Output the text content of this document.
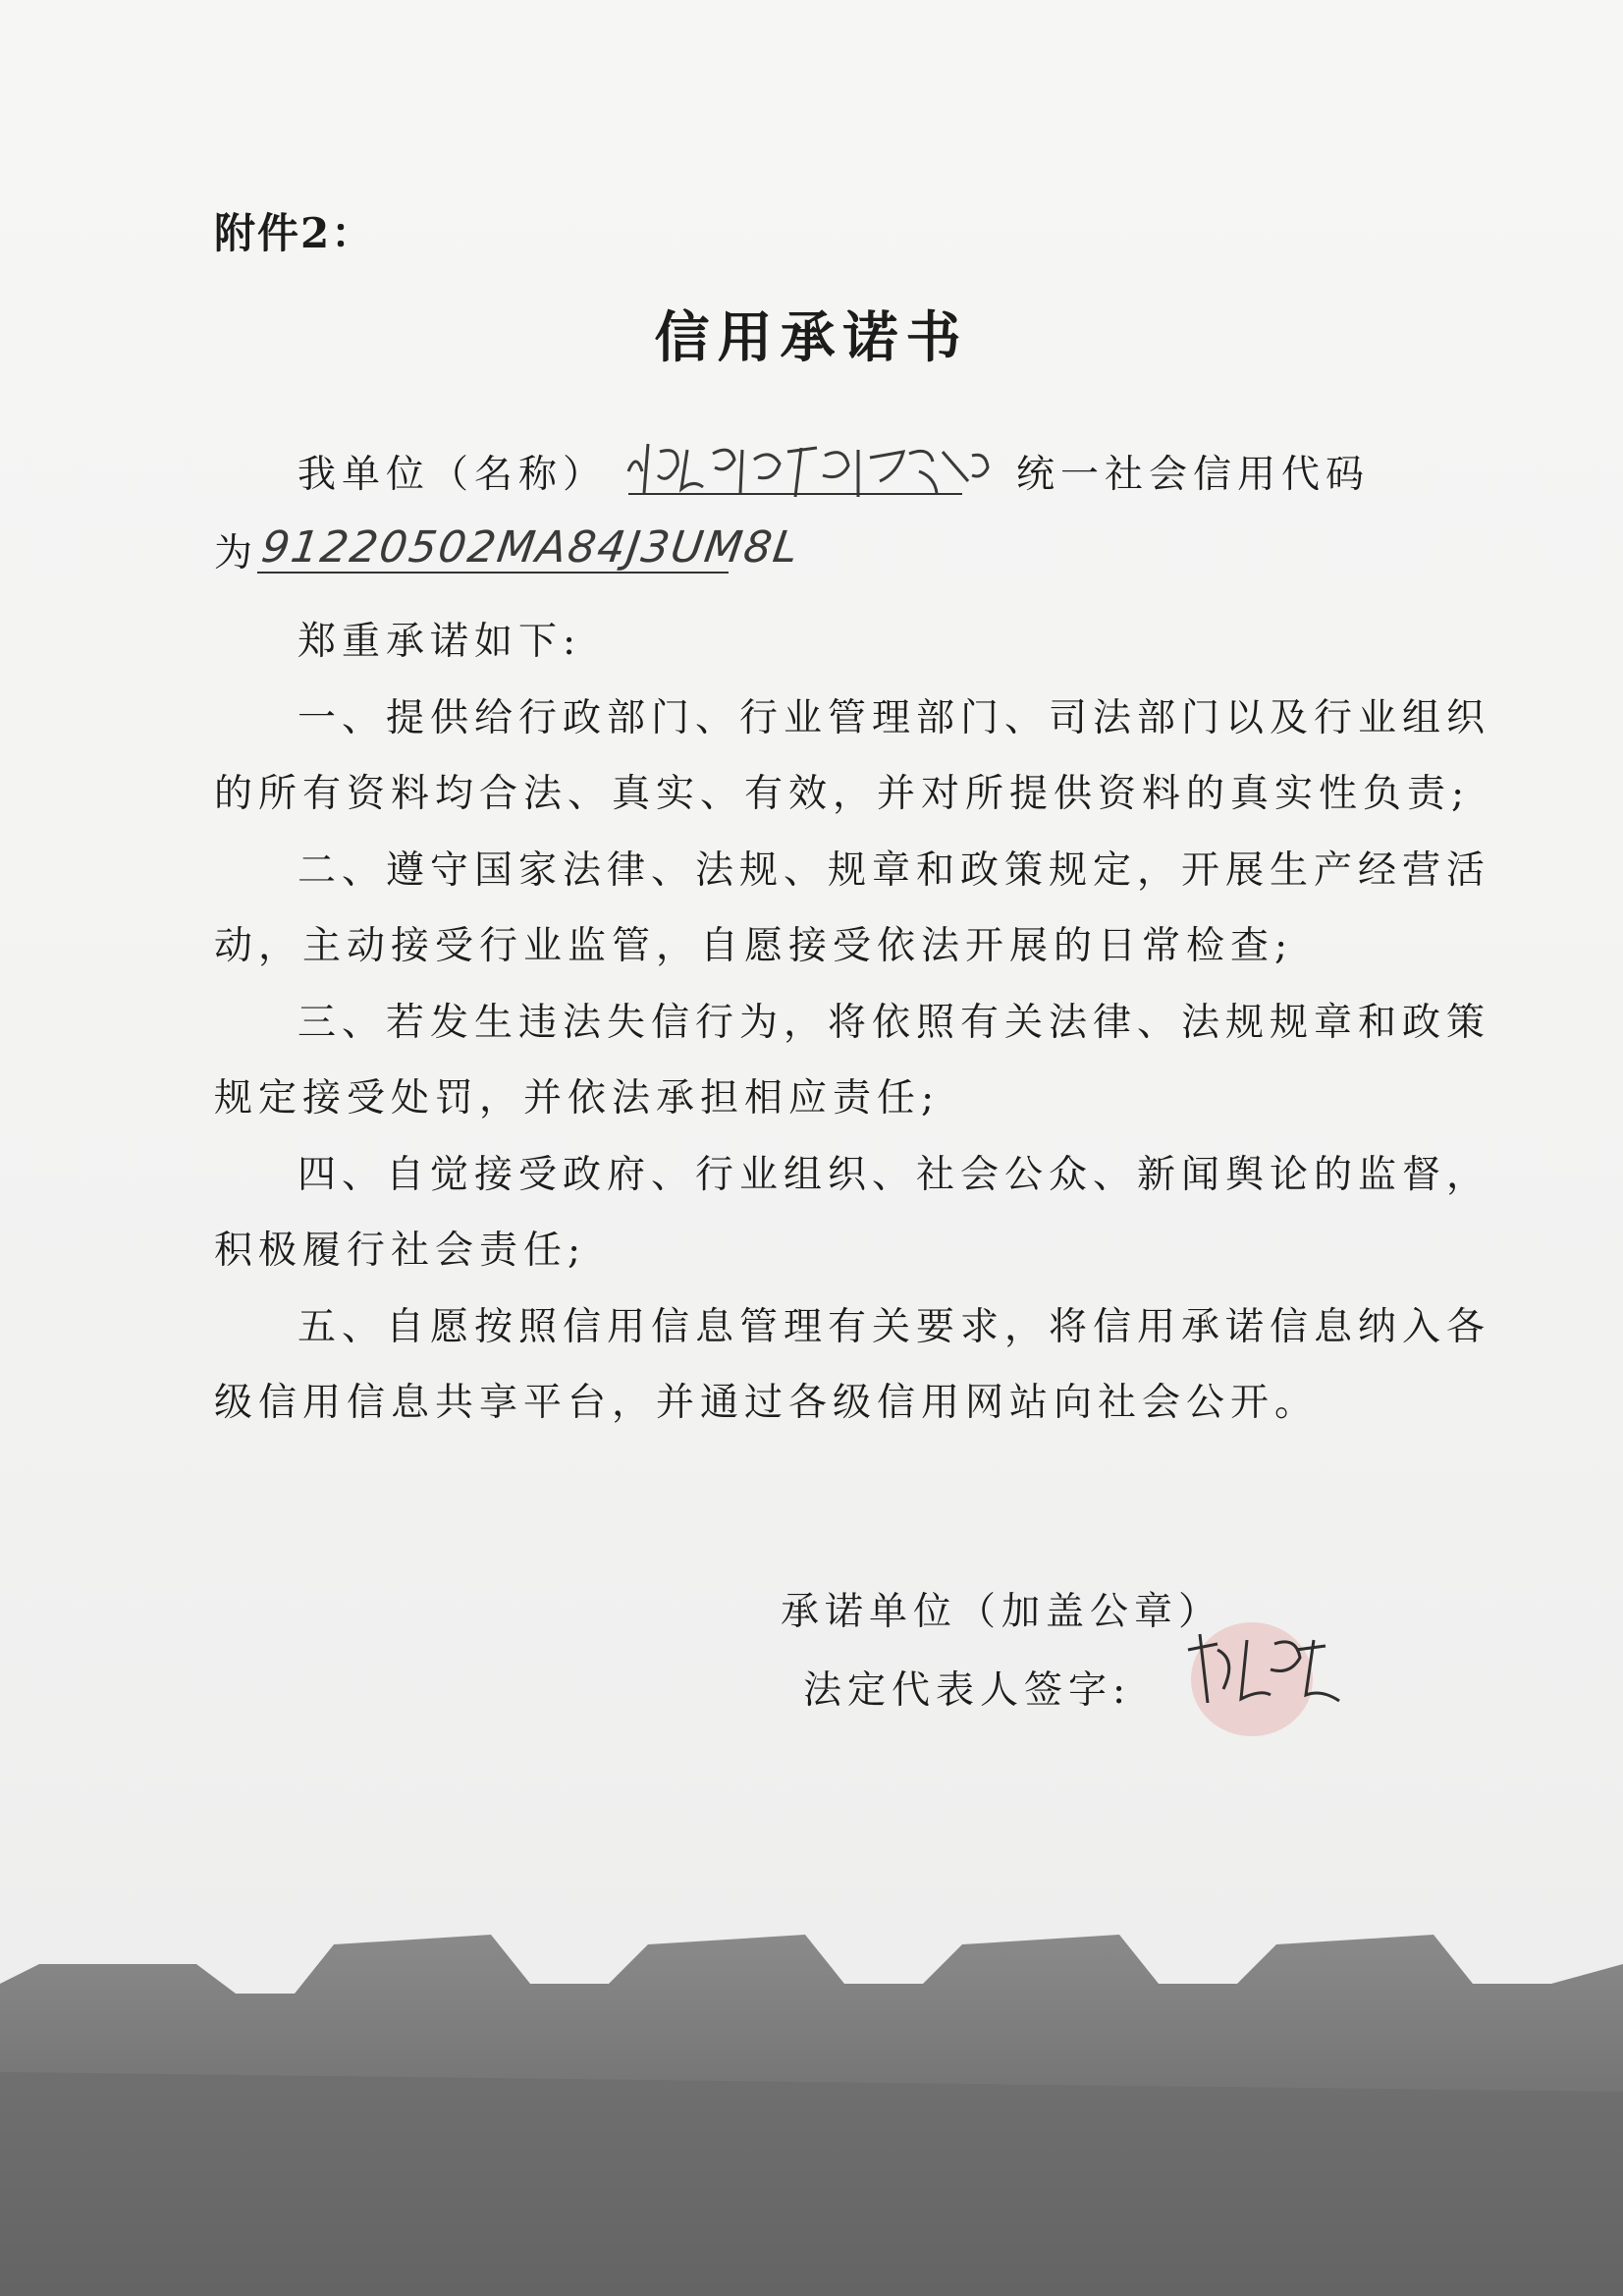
附件2：
信用承诺书
我单位（名称）	统一社会信用代码
为 91220502MA84J3UM8L
郑重承诺如下:
一、提供给行政部门、行业管理部门、司法部门以及行业组织
的所有资料均合法、真实、有效，并对所提供资料的真实性负责;
二、遵守国家法律、法规、规章和政策规定，开展生产经营活
动，主动接受行业监管，自愿接受依法开展的日常检查;
三、若发生违法失信行为，将依照有关法律、法规规章和政策
规定接受处罚，并依法承担相应责任;
四、自觉接受政府、行业组织、社会公众、新闻舆论的监督，
积极履行社会责任;
五、自愿按照信用信息管理有关要求，将信用承诺信息纳入各
级信用信息共享平台，并通过各级信用网站向社会公开。
承诺单位（加盖公章）
法定代表人签字:
